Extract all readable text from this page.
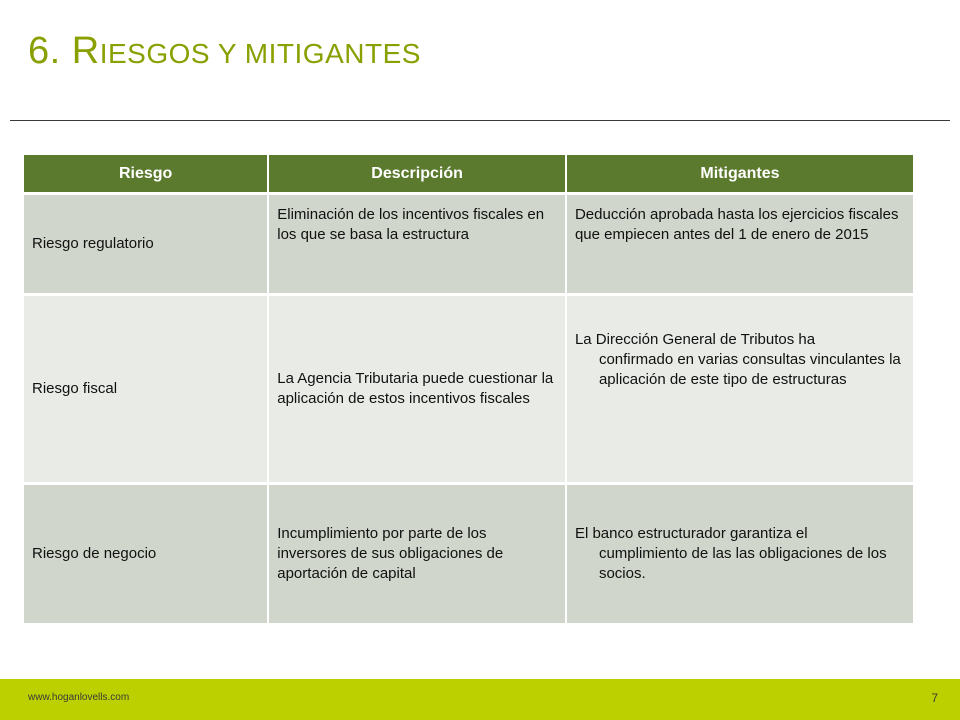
6. RIESGOS Y MITIGANTES
Riesgo	Descripción	Mitigantes
Riesgo regulatorio	Eliminación de los incentivos fiscales en los que se basa la estructura	Deducción aprobada hasta los ejercicios fiscales que empiecen antes del 1 de enero de 2015
Riesgo fiscal	La Agencia Tributaria puede cuestionar la aplicación de estos incentivos fiscales	La Dirección General de Tributos ha
confirmado en varias consultas vinculantes la aplicación de este tipo de estructuras

Riesgo de negocio	Incumplimiento por parte de los inversores de sus obligaciones de aportación de capital	El banco estructurador garantiza el
cumplimiento de las las obligaciones de los socios.
www.hoganlovells.com	7
